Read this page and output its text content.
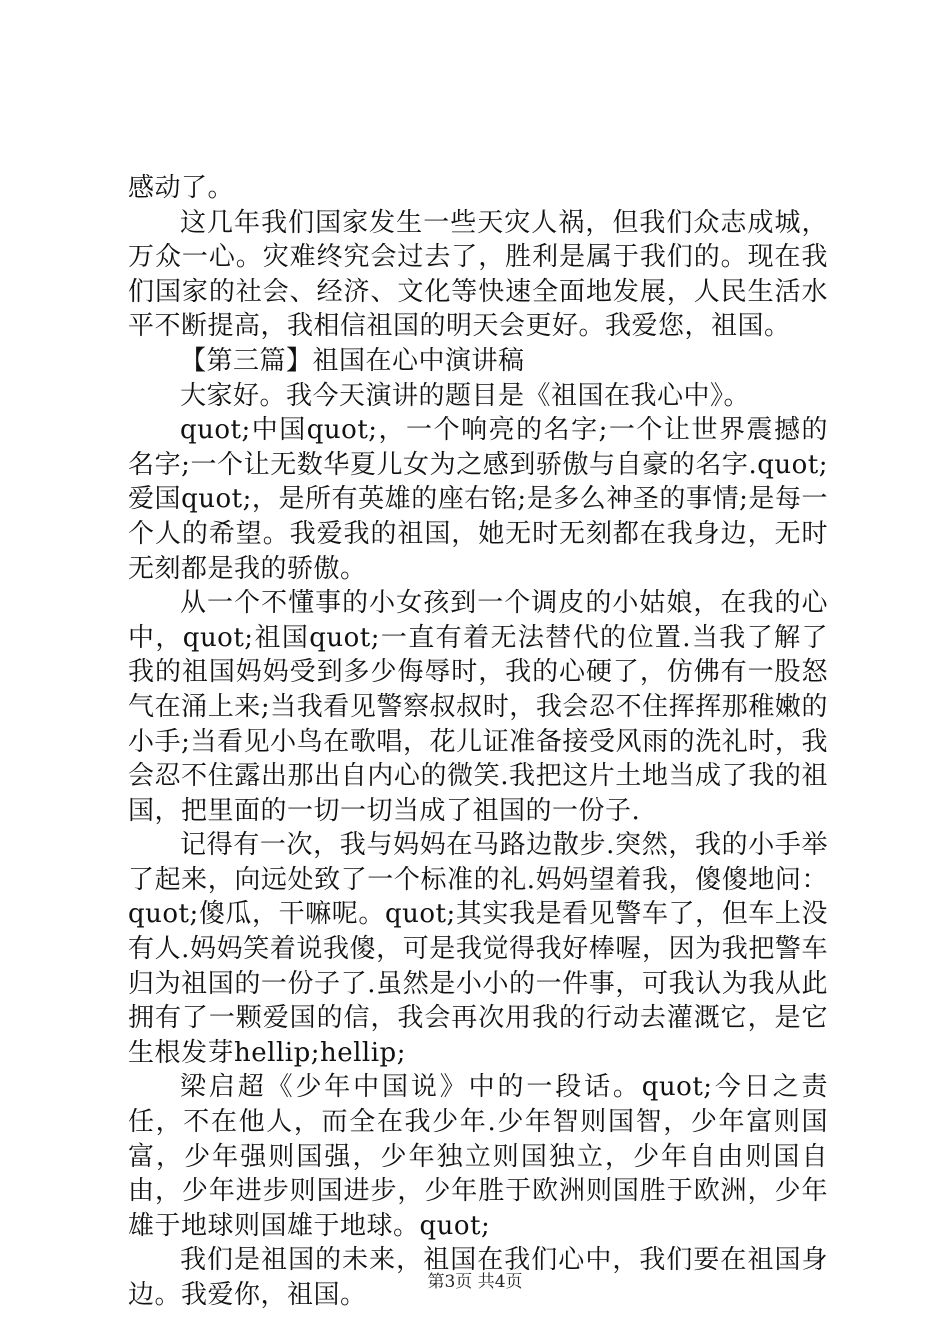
感动了。

这几年我们国家发生一些天灾人祸，但我们众志成城，万众一心。灾难终究会过去了，胜利是属于我们的。现在我们国家的社会、经济、文化等快速全面地发展，人民生活水平不断提高，我相信祖国的明天会更好。我爱您，祖国。

【第三篇】祖国在心中演讲稿

大家好。我今天演讲的题目是《祖国在我心中》。

quot;中国quot;，一个响亮的名字;一个让世界震撼的名字;一个让无数华夏儿女为之感到骄傲与自豪的名字.quot;爱国quot;，是所有英雄的座右铭;是多么神圣的事情;是每一个人的希望。我爱我的祖国，她无时无刻都在我身边，无时无刻都是我的骄傲。

从一个不懂事的小女孩到一个调皮的小姑娘，在我的心中，quot;祖国quot;一直有着无法替代的位置.当我了解了我的祖国妈妈受到多少侮辱时，我的心硬了，仿佛有一股怒气在涌上来;当我看见警察叔叔时，我会忍不住挥挥那稚嫩的小手;当看见小鸟在歌唱，花儿证准备接受风雨的洗礼时，我会忍不住露出那出自内心的微笑.我把这片土地当成了我的祖国，把里面的一切一切当成了祖国的一份子.

记得有一次，我与妈妈在马路边散步.突然，我的小手举了起来，向远处致了一个标准的礼.妈妈望着我，傻傻地问：quot;傻瓜，干嘛呢。quot;其实我是看见警车了，但车上没有人.妈妈笑着说我傻，可是我觉得我好棒喔，因为我把警车归为祖国的一份子了.虽然是小小的一件事，可我认为我从此拥有了一颗爱国的信，我会再次用我的行动去灌溉它，是它生根发芽hellip;hellip;

梁启超《少年中国说》中的一段话。quot;今日之责任，不在他人，而全在我少年.少年智则国智，少年富则国富，少年强则国强，少年独立则国独立，少年自由则国自由，少年进步则国进步，少年胜于欧洲则国胜于欧洲，少年雄于地球则国雄于地球。quot;

我们是祖国的未来，祖国在我们心中，我们要在祖国身边。我爱你，祖国。	第3页 共4页
